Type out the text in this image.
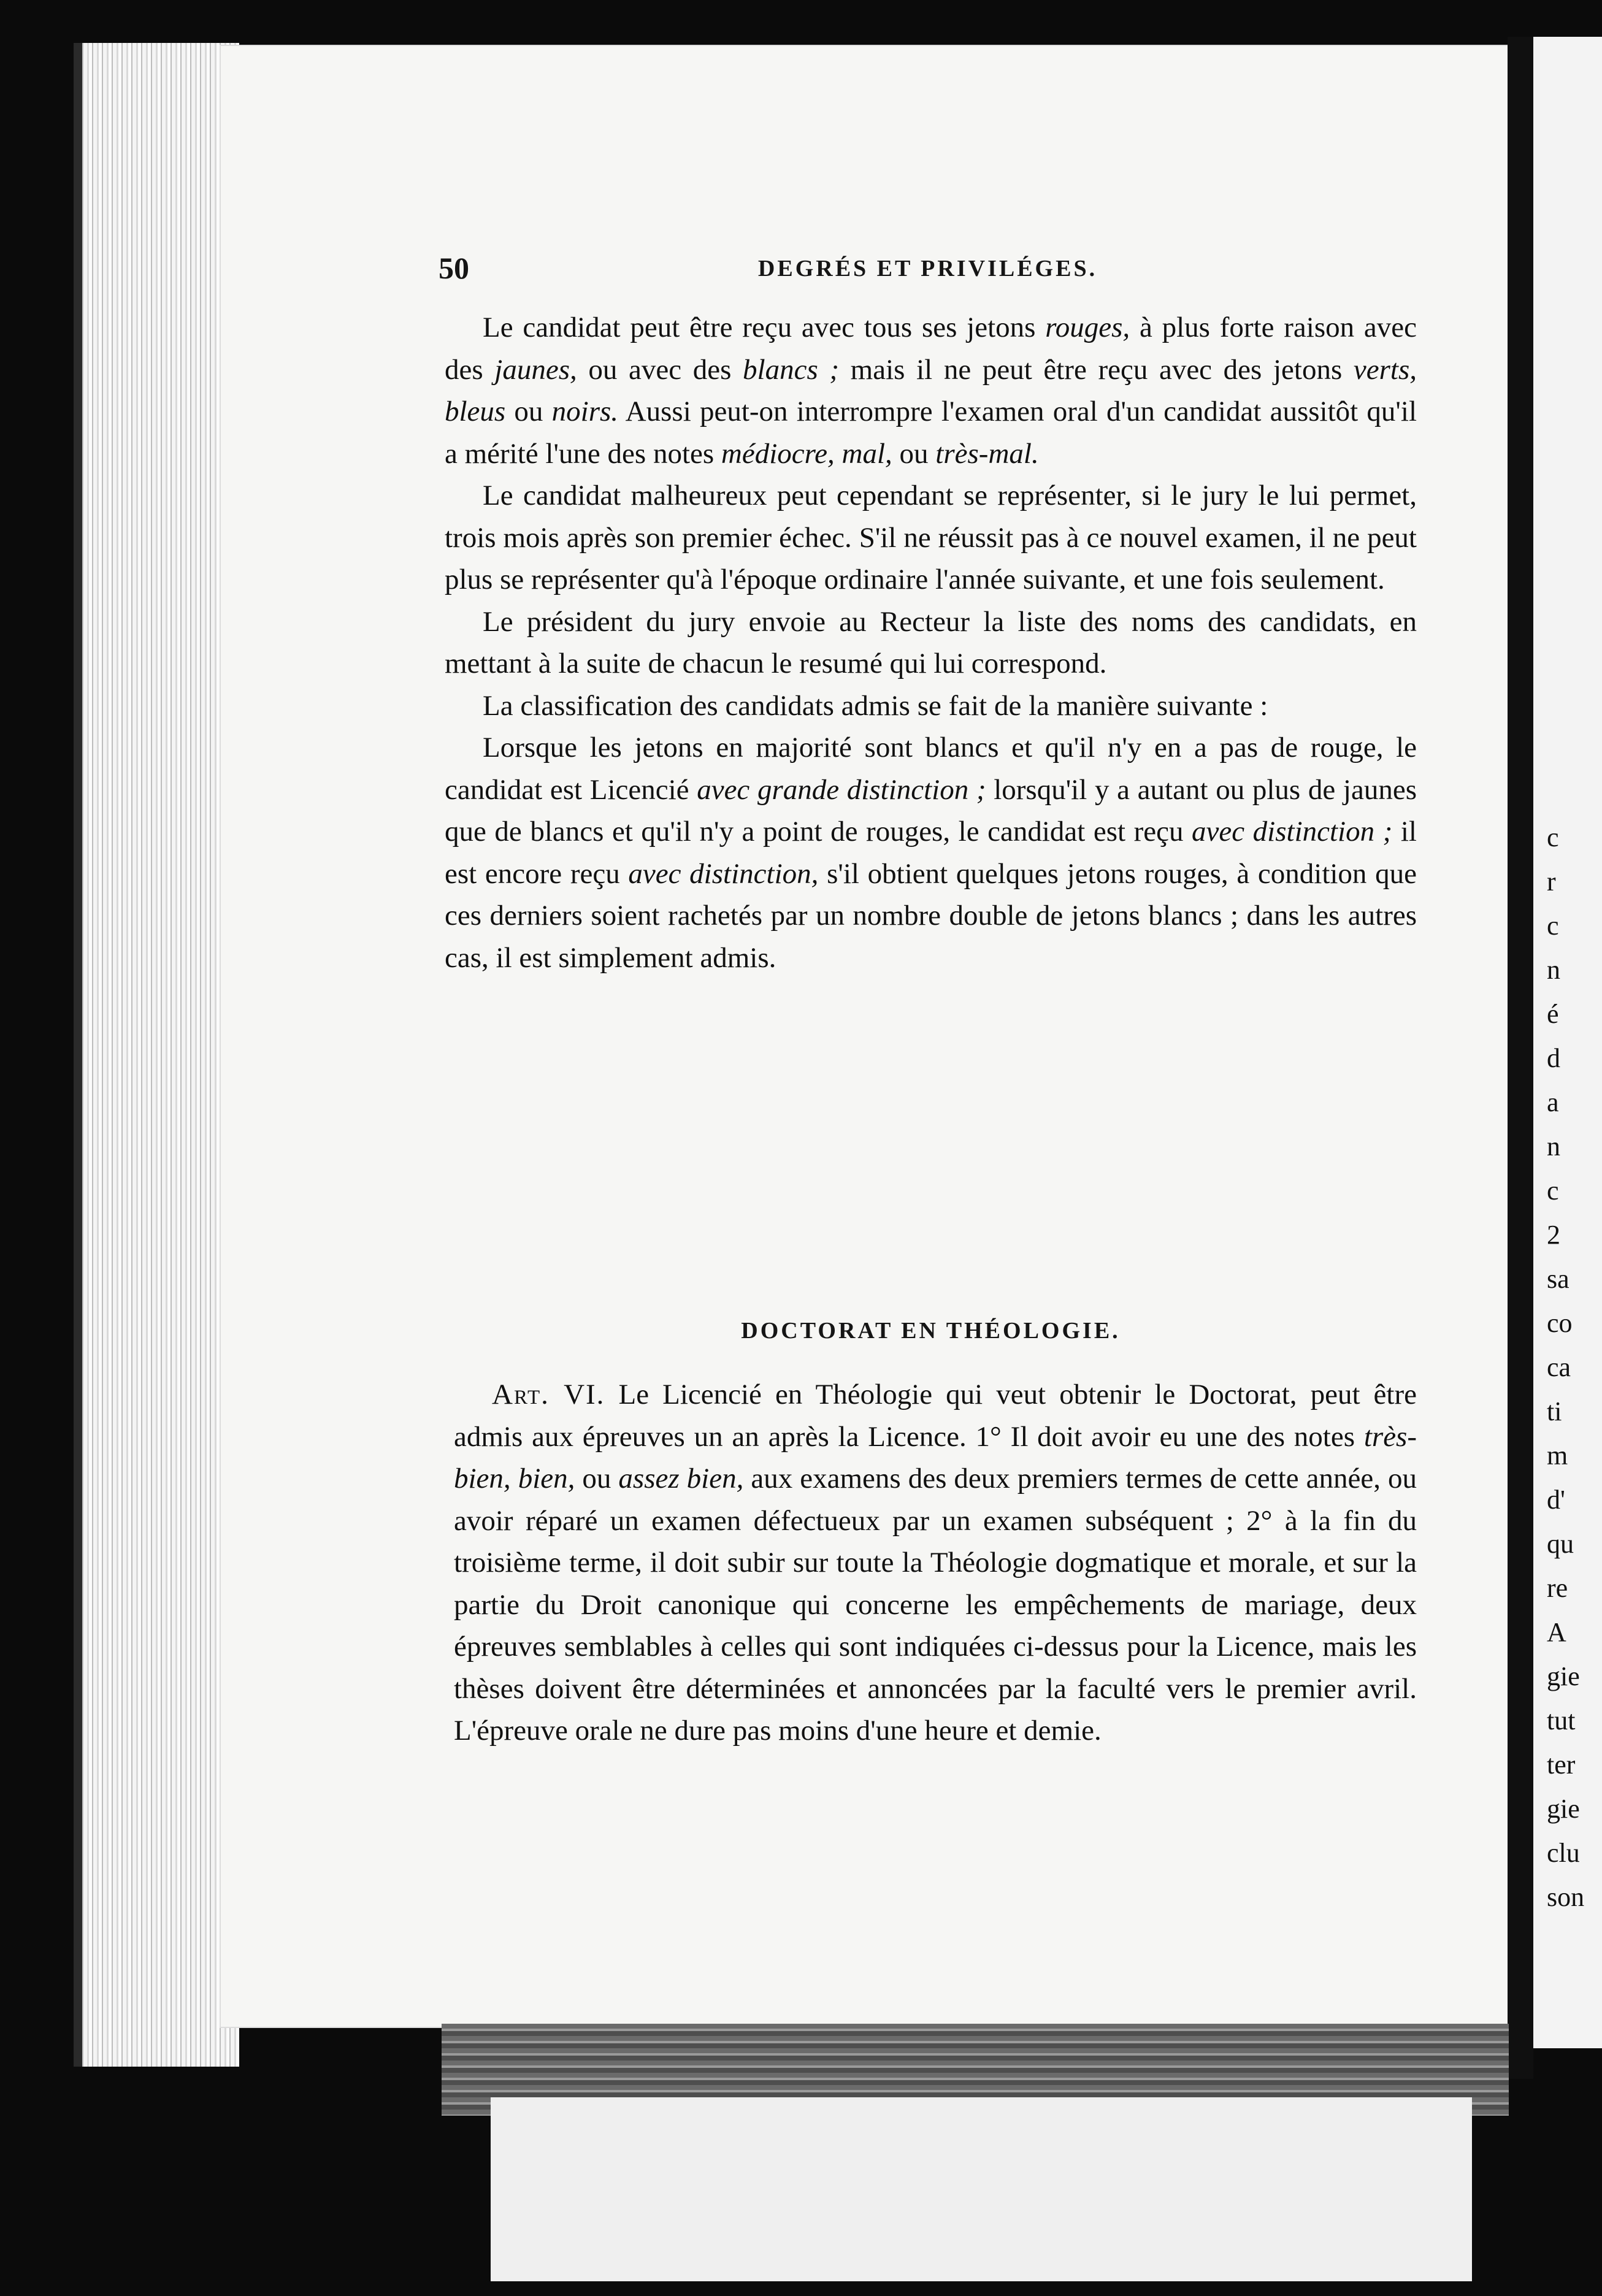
c
r
c
n
é
d
a
n
c
2
sa
co
ca
ti
m
d'
qu
re
A
gie
tut
ter
gie
clu
son
50	DEGRÉS ET PRIVILÉGES.

Le candidat peut être reçu avec tous ses jetons rouges, à plus forte raison avec des jaunes, ou avec des blancs ; mais il ne peut être reçu avec des jetons verts, bleus ou noirs. Aussi peut-on interrompre l'examen oral d'un candidat aussitôt qu'il a mérité l'une des notes médiocre, mal, ou très-mal.

Le candidat malheureux peut cependant se représenter, si le jury le lui permet, trois mois après son premier échec. S'il ne réussit pas à ce nouvel examen, il ne peut plus se représenter qu'à l'époque ordinaire l'année suivante, et une fois seulement.

Le président du jury envoie au Recteur la liste des noms des candidats, en mettant à la suite de chacun le resumé qui lui correspond.

La classification des candidats admis se fait de la manière suivante :

Lorsque les jetons en majorité sont blancs et qu'il n'y en a pas de rouge, le candidat est Licencié avec grande distinction ; lorsqu'il y a autant ou plus de jaunes que de blancs et qu'il n'y a point de rouges, le candidat est reçu avec distinction ; il est encore reçu avec distinction, s'il obtient quelques jetons rouges, à condition que ces derniers soient rachetés par un nombre double de jetons blancs ; dans les autres cas, il est simplement admis.

DOCTORAT EN THÉOLOGIE.

Art. VI. Le Licencié en Théologie qui veut obtenir le Doctorat, peut être admis aux épreuves un an après la Licence. 1° Il doit avoir eu une des notes très-bien, bien, ou assez bien, aux examens des deux premiers termes de cette année, ou avoir réparé un examen défectueux par un examen subséquent ; 2° à la fin du troisième terme, il doit subir sur toute la Théologie dogmatique et morale, et sur la partie du Droit canonique qui concerne les empêchements de mariage, deux épreuves semblables à celles qui sont indiquées ci-dessus pour la Licence, mais les thèses doivent être déterminées et annoncées par la faculté vers le premier avril. L'épreuve orale ne dure pas moins d'une heure et demie.
